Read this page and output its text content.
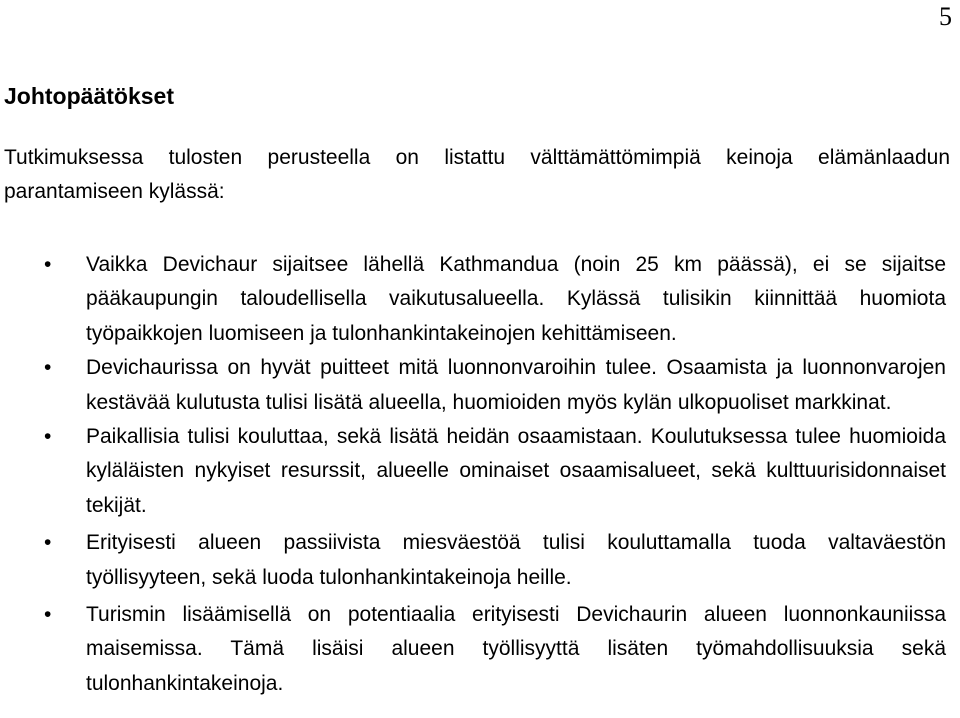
5
Johtopäätökset

Tutkimuksessa tulosten perusteella on listattu välttämättömimpiä keinoja elämänlaadun parantamiseen kylässä:

• Vaikka Devichaur sijaitsee lähellä Kathmandua (noin 25 km päässä), ei se sijaitse pääkaupungin taloudellisella vaikutusalueella. Kylässä tulisikin kiinnittää huomiota työpaikkojen luomiseen ja tulonhankintakeinojen kehittämiseen.
• Devichaurissa on hyvät puitteet mitä luonnonvaroihin tulee. Osaamista ja luonnonvarojen kestävää kulutusta tulisi lisätä alueella, huomioiden myös kylän ulkopuoliset markkinat.
• Paikallisia tulisi kouluttaa, sekä lisätä heidän osaamistaan. Koulutuksessa tulee huomioida kyläläisten nykyiset resurssit, alueelle ominaiset osaamisalueet, sekä kulttuurisidonnaiset tekijät.
• Erityisesti alueen passiivista miesväestöä tulisi kouluttamalla tuoda valtaväestön työllisyyteen, sekä luoda tulonhankintakeinoja heille.
• Turismin lisäämisellä on potentiaalia erityisesti Devichaurin alueen luonnonkauniissa maisemissa. Tämä lisäisi alueen työllisyyttä lisäten työmahdollisuuksia sekä tulonhankintakeinoja.
